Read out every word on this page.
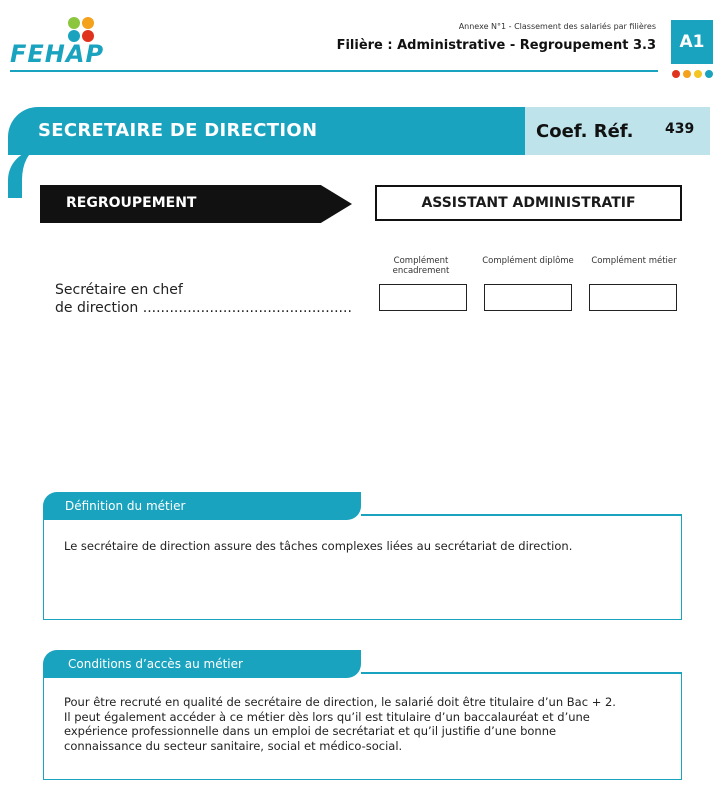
FEHAP
Annexe N°1 - Classement des salariés par filières
Filière : Administrative - Regroupement 3.3	A1
SECRETAIRE DE DIRECTION	Coef. Réf. 439
REGROUPEMENT	ASSISTANT ADMINISTRATIF
Complément encadrement
Complément diplôme	Complément métier
Secrétaire en chef
de direction ...............................................
Définition du métier
Le secrétaire de direction assure des tâches complexes liées au secrétariat de direction.
Conditions d’accès au métier
Pour être recruté en qualité de secrétaire de direction, le salarié doit être titulaire d’un Bac + 2.
Il peut également accéder à ce métier dès lors qu’il est titulaire d’un baccalauréat et d’une
expérience professionnelle dans un emploi de secrétariat et qu’il justifie d’une bonne
connaissance du secteur sanitaire, social et médico-social.
